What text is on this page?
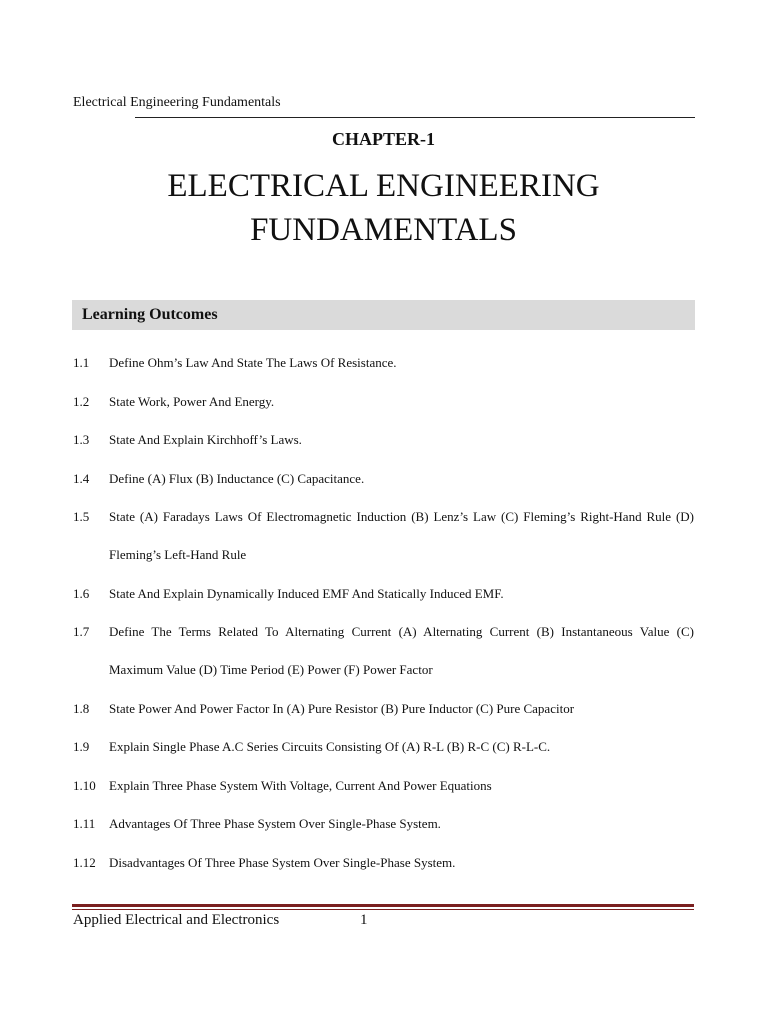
Electrical Engineering Fundamentals
CHAPTER-1
ELECTRICAL ENGINEERING
FUNDAMENTALS
Learning Outcomes
1.1 Define Ohm’s Law And State The Laws Of Resistance.
1.2 State Work, Power And Energy.
1.3 State And Explain Kirchhoff’s Laws.
1.4 Define (A) Flux (B) Inductance (C) Capacitance.
1.5 State (A) Faradays Laws Of Electromagnetic Induction (B) Lenz’s Law (C) Fleming’s Right-Hand Rule (D) Fleming’s Left-Hand Rule
1.6 State And Explain Dynamically Induced EMF And Statically Induced EMF.
1.7 Define The Terms Related To Alternating Current (A) Alternating Current (B) Instantaneous Value (C) Maximum Value (D) Time Period (E) Power (F) Power Factor
1.8 State Power And Power Factor In (A) Pure Resistor (B) Pure Inductor (C) Pure Capacitor
1.9 Explain Single Phase A.C Series Circuits Consisting Of (A) R-L (B) R-C (C) R-L-C.
1.10 Explain Three Phase System With Voltage, Current And Power Equations
1.11 Advantages Of Three Phase System Over Single-Phase System.
1.12 Disadvantages Of Three Phase System Over Single-Phase System.
Applied Electrical and Electronics	1
